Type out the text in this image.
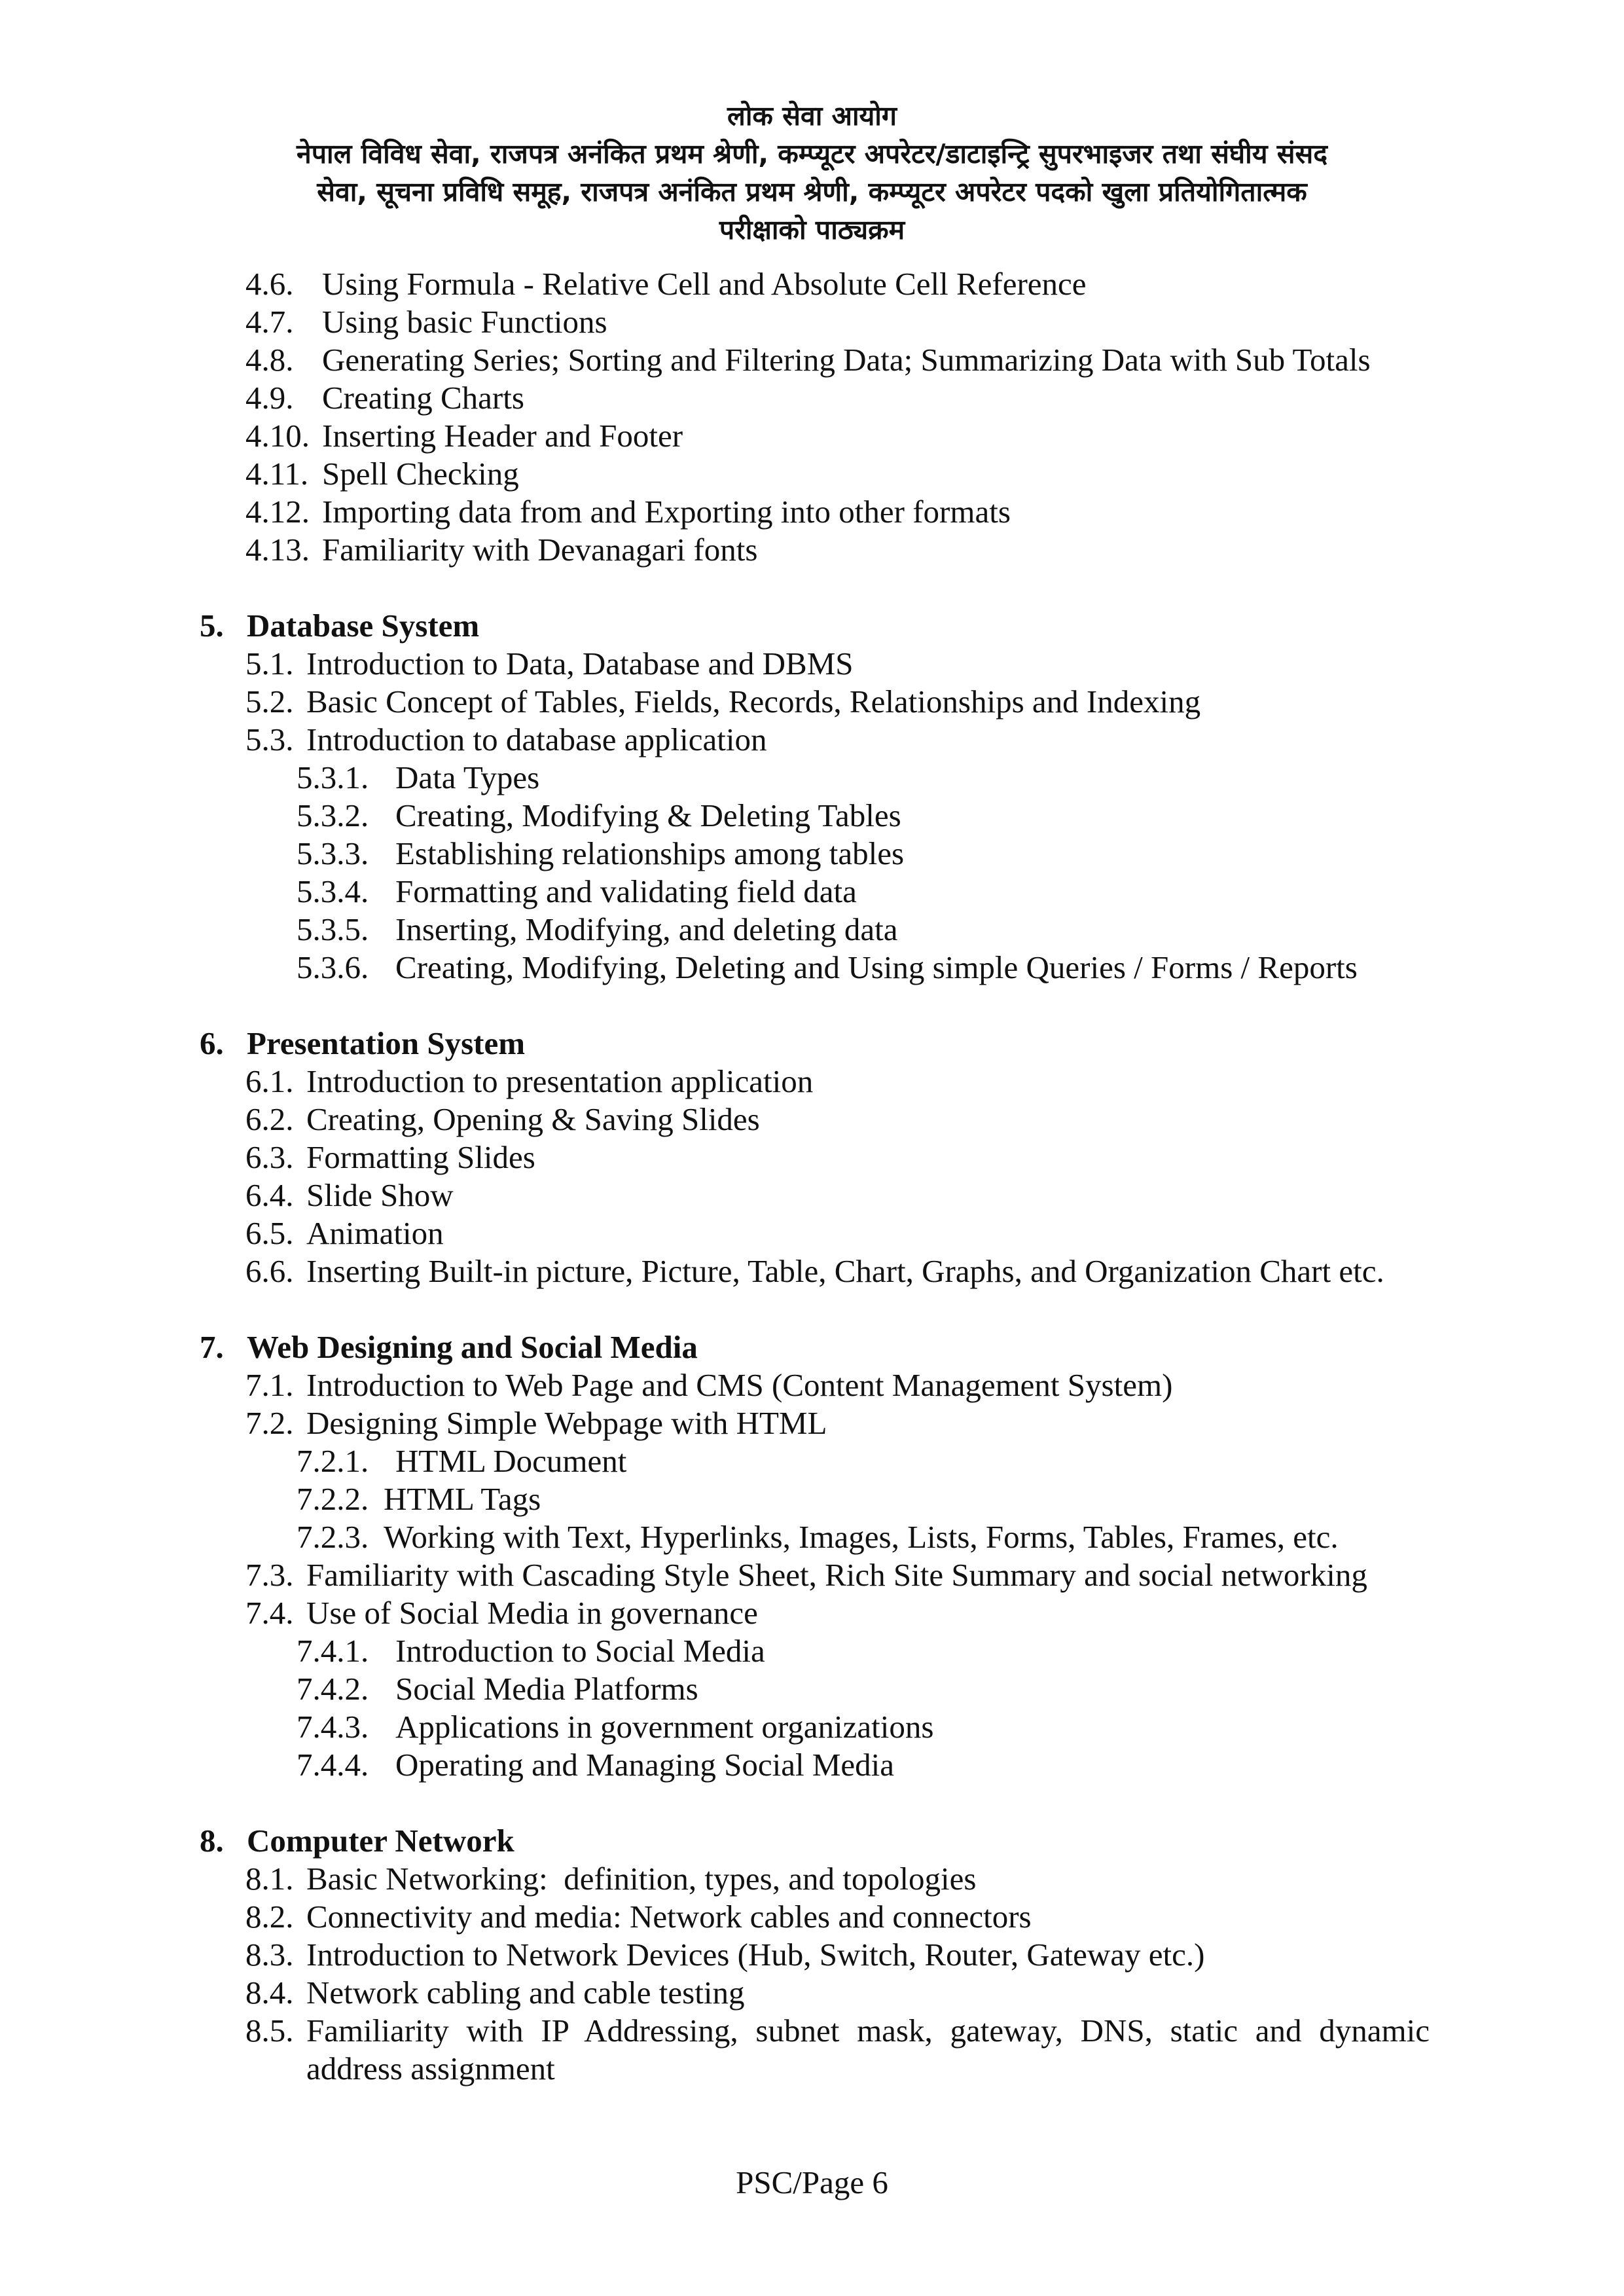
लोक सेवा आयोग
नेपाल विविध सेवा, राजपत्र अनंकित प्रथम श्रेणी, कम्प्यूटर अपरेटर/डाटाइन्ट्रि सुपरभाइजर तथा संघीय संसद
सेवा, सूचना प्रविधि समूह, राजपत्र अनंकित प्रथम श्रेणी, कम्प्यूटर अपरेटर पदको खुला प्रतियोगितात्मक
परीक्षाको पाठ्यक्रम
4.6. Using Formula - Relative Cell and Absolute Cell Reference
4.7. Using basic Functions
4.8. Generating Series; Sorting and Filtering Data; Summarizing Data with Sub Totals
4.9. Creating Charts
4.10. Inserting Header and Footer
4.11. Spell Checking
4.12. Importing data from and Exporting into other formats
4.13. Familiarity with Devanagari fonts
5. Database System
5.1. Introduction to Data, Database and DBMS
5.2. Basic Concept of Tables, Fields, Records, Relationships and Indexing
5.3. Introduction to database application
5.3.1. Data Types
5.3.2. Creating, Modifying & Deleting Tables
5.3.3. Establishing relationships among tables
5.3.4. Formatting and validating field data
5.3.5. Inserting, Modifying, and deleting data
5.3.6. Creating, Modifying, Deleting and Using simple Queries / Forms / Reports
6. Presentation System
6.1. Introduction to presentation application
6.2. Creating, Opening & Saving Slides
6.3. Formatting Slides
6.4. Slide Show
6.5. Animation
6.6. Inserting Built-in picture, Picture, Table, Chart, Graphs, and Organization Chart etc.
7. Web Designing and Social Media
7.1. Introduction to Web Page and CMS (Content Management System)
7.2. Designing Simple Webpage with HTML
7.2.1. HTML Document
7.2.2. HTML Tags
7.2.3. Working with Text, Hyperlinks, Images, Lists, Forms, Tables, Frames, etc.
7.3. Familiarity with Cascading Style Sheet, Rich Site Summary and social networking
7.4. Use of Social Media in governance
7.4.1. Introduction to Social Media
7.4.2. Social Media Platforms
7.4.3. Applications in government organizations
7.4.4. Operating and Managing Social Media
8. Computer Network
8.1. Basic Networking:  definition, types, and topologies
8.2. Connectivity and media: Network cables and connectors
8.3. Introduction to Network Devices (Hub, Switch, Router, Gateway etc.)
8.4. Network cabling and cable testing
8.5. Familiarity with IP Addressing, subnet mask, gateway, DNS, static and dynamic
address assignment
PSC/Page 6
